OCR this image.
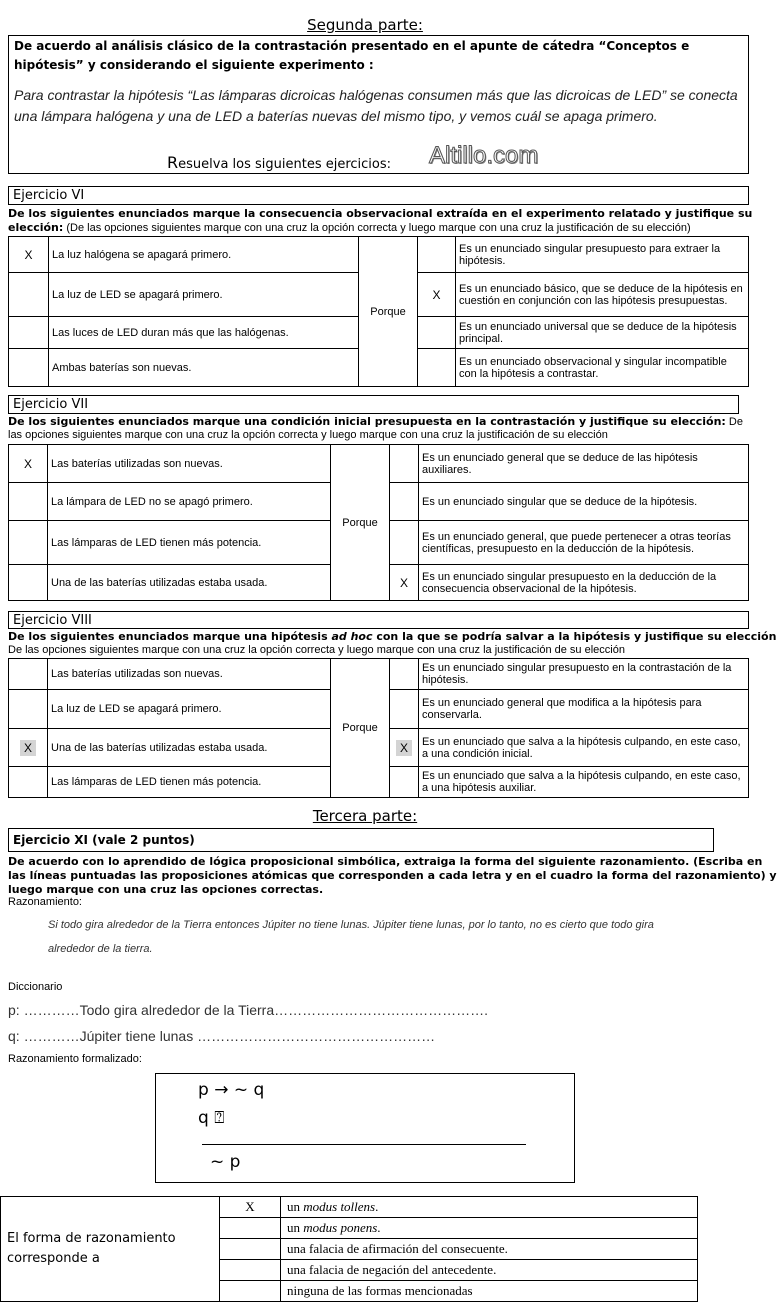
Segunda parte:
De acuerdo al análisis clásico de la contrastación presentado en el apunte de cátedra “Conceptos e hipótesis” y considerando el siguiente experimento :
Para contrastar la hipótesis “Las lámparas dicroicas halógenas consumen más que las dicroicas de LED” se conecta una lámpara halógena y una de LED a baterías nuevas del mismo tipo, y vemos cuál se apaga primero.
Resuelva los siguientes ejercicios: Altillo.com
Ejercicio VI
De los siguientes enunciados marque la consecuencia observacional extraída en el experimento relatado y justifique su elección: (De las opciones siguientes marque con una cruz la opción correcta y luego marque con una cruz la justificación de su elección)
X	La luz halógena se apagará primero.	Porque		Es un enunciado singular presupuesto para extraer la hipótesis.
	La luz de LED se apagará primero.		X	Es un enunciado básico, que se deduce de la hipótesis en cuestión en conjunción con las hipótesis presupuestas.
	Las luces de LED duran más que las halógenas.			Es un enunciado universal que se deduce de la hipótesis principal.
	Ambas baterías son nuevas.			Es un enunciado observacional y singular incompatible con la hipótesis a contrastar.
Ejercicio VII
De los siguientes enunciados marque una condición inicial presupuesta en la contrastación y justifique su elección: De
las opciones siguientes marque con una cruz la opción correcta y luego marque con una cruz la justificación de su elección
X	Las baterías utilizadas son nuevas.	Porque		Es un enunciado general que se deduce de las hipótesis auxiliares.
	La lámpara de LED no se apagó primero.			Es un enunciado singular que se deduce de la hipótesis.
	Las lámparas de LED tienen más potencia.			Es un enunciado general, que puede pertenecer a otras teorías científicas, presupuesto en la deducción de la hipótesis.
	Una de las baterías utilizadas estaba usada.		X	Es un enunciado singular presupuesto en la deducción de la consecuencia observacional de la hipótesis.
Ejercicio VIII
De los siguientes enunciados marque una hipótesis ad hoc con la que se podría salvar a la hipótesis y justifique su elección
De las opciones siguientes marque con una cruz la opción correcta y luego marque con una cruz la justificación de su elección
	Las baterías utilizadas son nuevas.	Porque		Es un enunciado singular presupuesto en la contrastación de la hipótesis.
	La luz de LED se apagará primero.			Es un enunciado general que modifica a la hipótesis para conservarla.
X	Una de las baterías utilizadas estaba usada.		X	Es un enunciado que salva a la hipótesis culpando, en este caso, a una condición inicial.
	Las lámparas de LED tienen más potencia.			Es un enunciado que salva a la hipótesis culpando, en este caso, a una hipótesis auxiliar.
Tercera parte:
Ejercicio XI (vale 2 puntos)
De acuerdo con lo aprendido de lógica proposicional simbólica, extraiga la forma del siguiente razonamiento. (Escriba en las líneas puntuadas las proposiciones atómicas que corresponden a cada letra y en el cuadro la forma del razonamiento) y luego marque con una cruz las opciones correctas.
Razonamiento:
Si todo gira alrededor de la Tierra entonces Júpiter no tiene lunas. Júpiter tiene lunas, por lo tanto, no es cierto que todo gira
alrededor de la tierra.
Diccionario
p: …………Todo gira alrededor de la Tierra……………………………………….
q: …………Júpiter tiene lunas ……………………………………………
Razonamiento formalizado:
p → ~ q
q ⍰
~ p
El forma de razonamiento corresponde a	X	un modus tollens.
		un modus ponens.
		una falacia de afirmación del consecuente.
		una falacia de negación del antecedente.
		ninguna de las formas mencionadas
